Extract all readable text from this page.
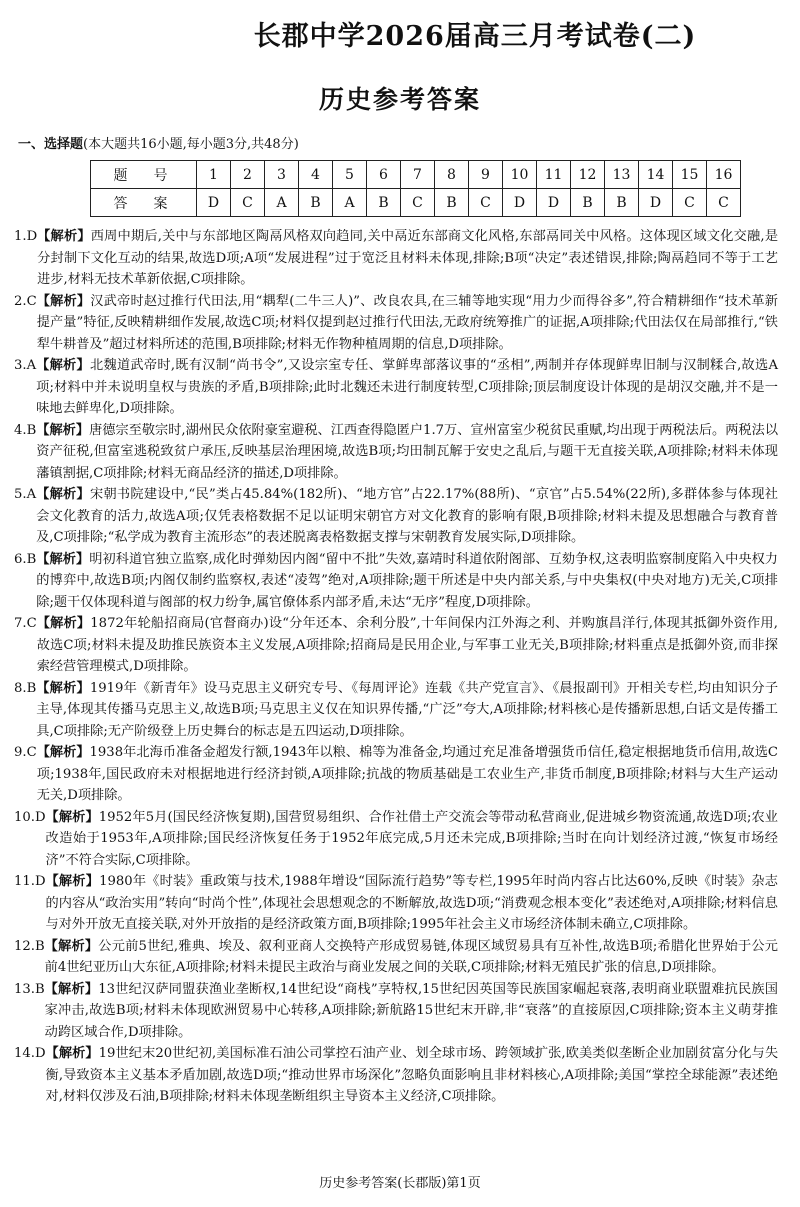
长郡中学2026届高三月考试卷(二)
历史参考答案
一、选择题(本大题共16小题,每小题3分,共48分)
题　号	1	2	3	4	5	6	7	8	9	10	11	12	13	14	15	16
答　案	D	C	A	B	A	B	C	B	C	D	D	B	B	D	C	C
1.D 【解析】西周中期后,关中与东部地区陶鬲风格双向趋同,关中鬲近东部商文化风格,东部鬲同关中风格。这体现区域文化交融,是分封制下文化互动的结果,故选D项;A项“发展进程”过于宽泛且材料未体现,排除;B项“决定”表述错误,排除;陶鬲趋同不等于工艺进步,材料无技术革新依据,C项排除。
2.C 【解析】汉武帝时赵过推行代田法,用“耦犁(二牛三人)”、改良农具,在三辅等地实现“用力少而得谷多”,符合精耕细作“技术革新提产量”特征,反映精耕细作发展,故选C项;材料仅提到赵过推行代田法,无政府统筹推广的证据,A项排除;代田法仅在局部推行,“铁犁牛耕普及”超过材料所述的范围,B项排除;材料无作物种植周期的信息,D项排除。
3.A 【解析】北魏道武帝时,既有汉制“尚书令”,又设宗室专任、掌鲜卑部落议事的“丞相”,两制并存体现鲜卑旧制与汉制糅合,故选A项;材料中并未说明皇权与贵族的矛盾,B项排除;此时北魏还未进行制度转型,C项排除;顶层制度设计体现的是胡汉交融,并不是一味地去鲜卑化,D项排除。
4.B 【解析】唐德宗至敬宗时,湖州民众依附豪室避税、江西查得隐匿户1.7万、宣州富室少税贫民重赋,均出现于两税法后。两税法以资产征税,但富室逃税致贫户承压,反映基层治理困境,故选B项;均田制瓦解于安史之乱后,与题干无直接关联,A项排除;材料未体现藩镇割据,C项排除;材料无商品经济的描述,D项排除。
5.A 【解析】宋朝书院建设中,“民”类占45.84%(182所)、“地方官”占22.17%(88所)、“京官”占5.54%(22所),多群体参与体现社会文化教育的活力,故选A项;仅凭表格数据不足以证明宋朝官方对文化教育的影响有限,B项排除;材料未提及思想融合与教育普及,C项排除;“私学成为教育主流形态”的表述脱离表格数据支撑与宋朝教育发展实际,D项排除。
6.B 【解析】明初科道官独立监察,成化时弹劾因内阁“留中不批”失效,嘉靖时科道依附阁部、互劾争权,这表明监察制度陷入中央权力的博弈中,故选B项;内阁仅制约监察权,表述“凌驾”绝对,A项排除;题干所述是中央内部关系,与中央集权(中央对地方)无关,C项排除;题干仅体现科道与阁部的权力纷争,属官僚体系内部矛盾,未达“无序”程度,D项排除。
7.C 【解析】1872年轮船招商局(官督商办)设“分年还本、余利分股”,十年间保内江外海之利、并购旗昌洋行,体现其抵御外资作用,故选C项;材料未提及助推民族资本主义发展,A项排除;招商局是民用企业,与军事工业无关,B项排除;材料重点是抵御外资,而非探索经营管理模式,D项排除。
8.B 【解析】1919年《新青年》设马克思主义研究专号、《每周评论》连载《共产党宣言》、《晨报副刊》开相关专栏,均由知识分子主导,体现其传播马克思主义,故选B项;马克思主义仅在知识界传播,“广泛”夸大,A项排除;材料核心是传播新思想,白话文是传播工具,C项排除;无产阶级登上历史舞台的标志是五四运动,D项排除。
9.C 【解析】1938年北海币准备金超发行额,1943年以粮、棉等为准备金,均通过充足准备增强货币信任,稳定根据地货币信用,故选C项;1938年,国民政府未对根据地进行经济封锁,A项排除;抗战的物质基础是工农业生产,非货币制度,B项排除;材料与大生产运动无关,D项排除。
10.D 【解析】1952年5月(国民经济恢复期),国营贸易组织、合作社借土产交流会等带动私营商业,促进城乡物资流通,故选D项;农业改造始于1953年,A项排除;国民经济恢复任务于1952年底完成,5月还未完成,B项排除;当时在向计划经济过渡,“恢复市场经济”不符合实际,C项排除。
11.D 【解析】1980年《时装》重政策与技术,1988年增设“国际流行趋势”等专栏,1995年时尚内容占比达60%,反映《时装》杂志的内容从“政治实用”转向“时尚个性”,体现社会思想观念的不断解放,故选D项;“消费观念根本变化”表述绝对,A项排除;材料信息与对外开放无直接关联,对外开放指的是经济政策方面,B项排除;1995年社会主义市场经济体制未确立,C项排除。
12.B 【解析】公元前5世纪,雅典、埃及、叙利亚商人交换特产形成贸易链,体现区域贸易具有互补性,故选B项;希腊化世界始于公元前4世纪亚历山大东征,A项排除;材料未提民主政治与商业发展之间的关联,C项排除;材料无殖民扩张的信息,D项排除。
13.B 【解析】13世纪汉萨同盟获渔业垄断权,14世纪设“商栈”享特权,15世纪因英国等民族国家崛起衰落,表明商业联盟难抗民族国家冲击,故选B项;材料未体现欧洲贸易中心转移,A项排除;新航路15世纪末开辟,非“衰落”的直接原因,C项排除;资本主义萌芽推动跨区域合作,D项排除。
14.D 【解析】19世纪末20世纪初,美国标准石油公司掌控石油产业、划全球市场、跨领域扩张,欧美类似垄断企业加剧贫富分化与失衡,导致资本主义基本矛盾加剧,故选D项;“推动世界市场深化”忽略负面影响且非材料核心,A项排除;美国“掌控全球能源”表述绝对,材料仅涉及石油,B项排除;材料未体现垄断组织主导资本主义经济,C项排除。
历史参考答案(长郡版)第1页
